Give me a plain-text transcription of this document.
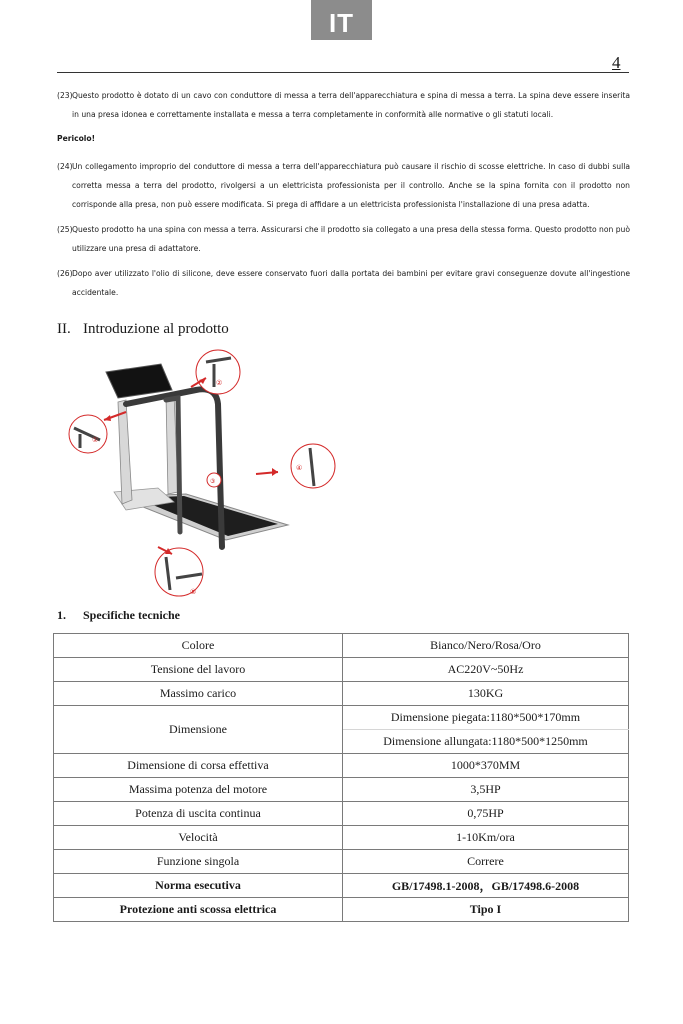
IT
4
(23) Questo prodotto è dotato di un cavo con conduttore di messa a terra dell'apparecchiatura e spina di messa a terra. La spina deve essere inserita in una presa idonea e correttamente installata e messa a terra completamente in conformità alle normative o gli statuti locali.
Pericolo!
(24) Un collegamento improprio del conduttore di messa a terra dell'apparecchiatura può causare il rischio di scosse elettriche. In caso di dubbi sulla corretta messa a terra del prodotto, rivolgersi a un elettricista professionista per il controllo. Anche se la spina fornita con il prodotto non corrisponde alla presa, non può essere modificata. Si prega di affidare a un elettricista professionista l'installazione di una presa adatta.
(25) Questo prodotto ha una spina con messa a terra. Assicurarsi che il prodotto sia collegato a una presa della stessa forma. Questo prodotto non può utilizzare una presa di adattatore.
(26) Dopo aver utilizzato l'olio di silicone, deve essere conservato fuori dalla portata dei bambini per evitare gravi conseguenze dovute all'ingestione accidentale.
II. Introduzione al prodotto
②
①
④
⑤
③
1. Specifiche tecniche
Colore	Bianco/Nero/Rosa/Oro
Tensione del lavoro	AC220V~50Hz
Massimo carico	130KG
Dimensione	Dimensione piegata:1180*500*170mm
	Dimensione allungata:1180*500*1250mm
Dimensione di corsa effettiva	1000*370MM
Massima potenza del motore	3,5HP
Potenza di uscita continua	0,75HP
Velocità	1-10Km/ora
Funzione singola	Correre
Norma esecutiva	GB/17498.1-2008，GB/17498.6-2008
Protezione anti scossa elettrica	Tipo I
